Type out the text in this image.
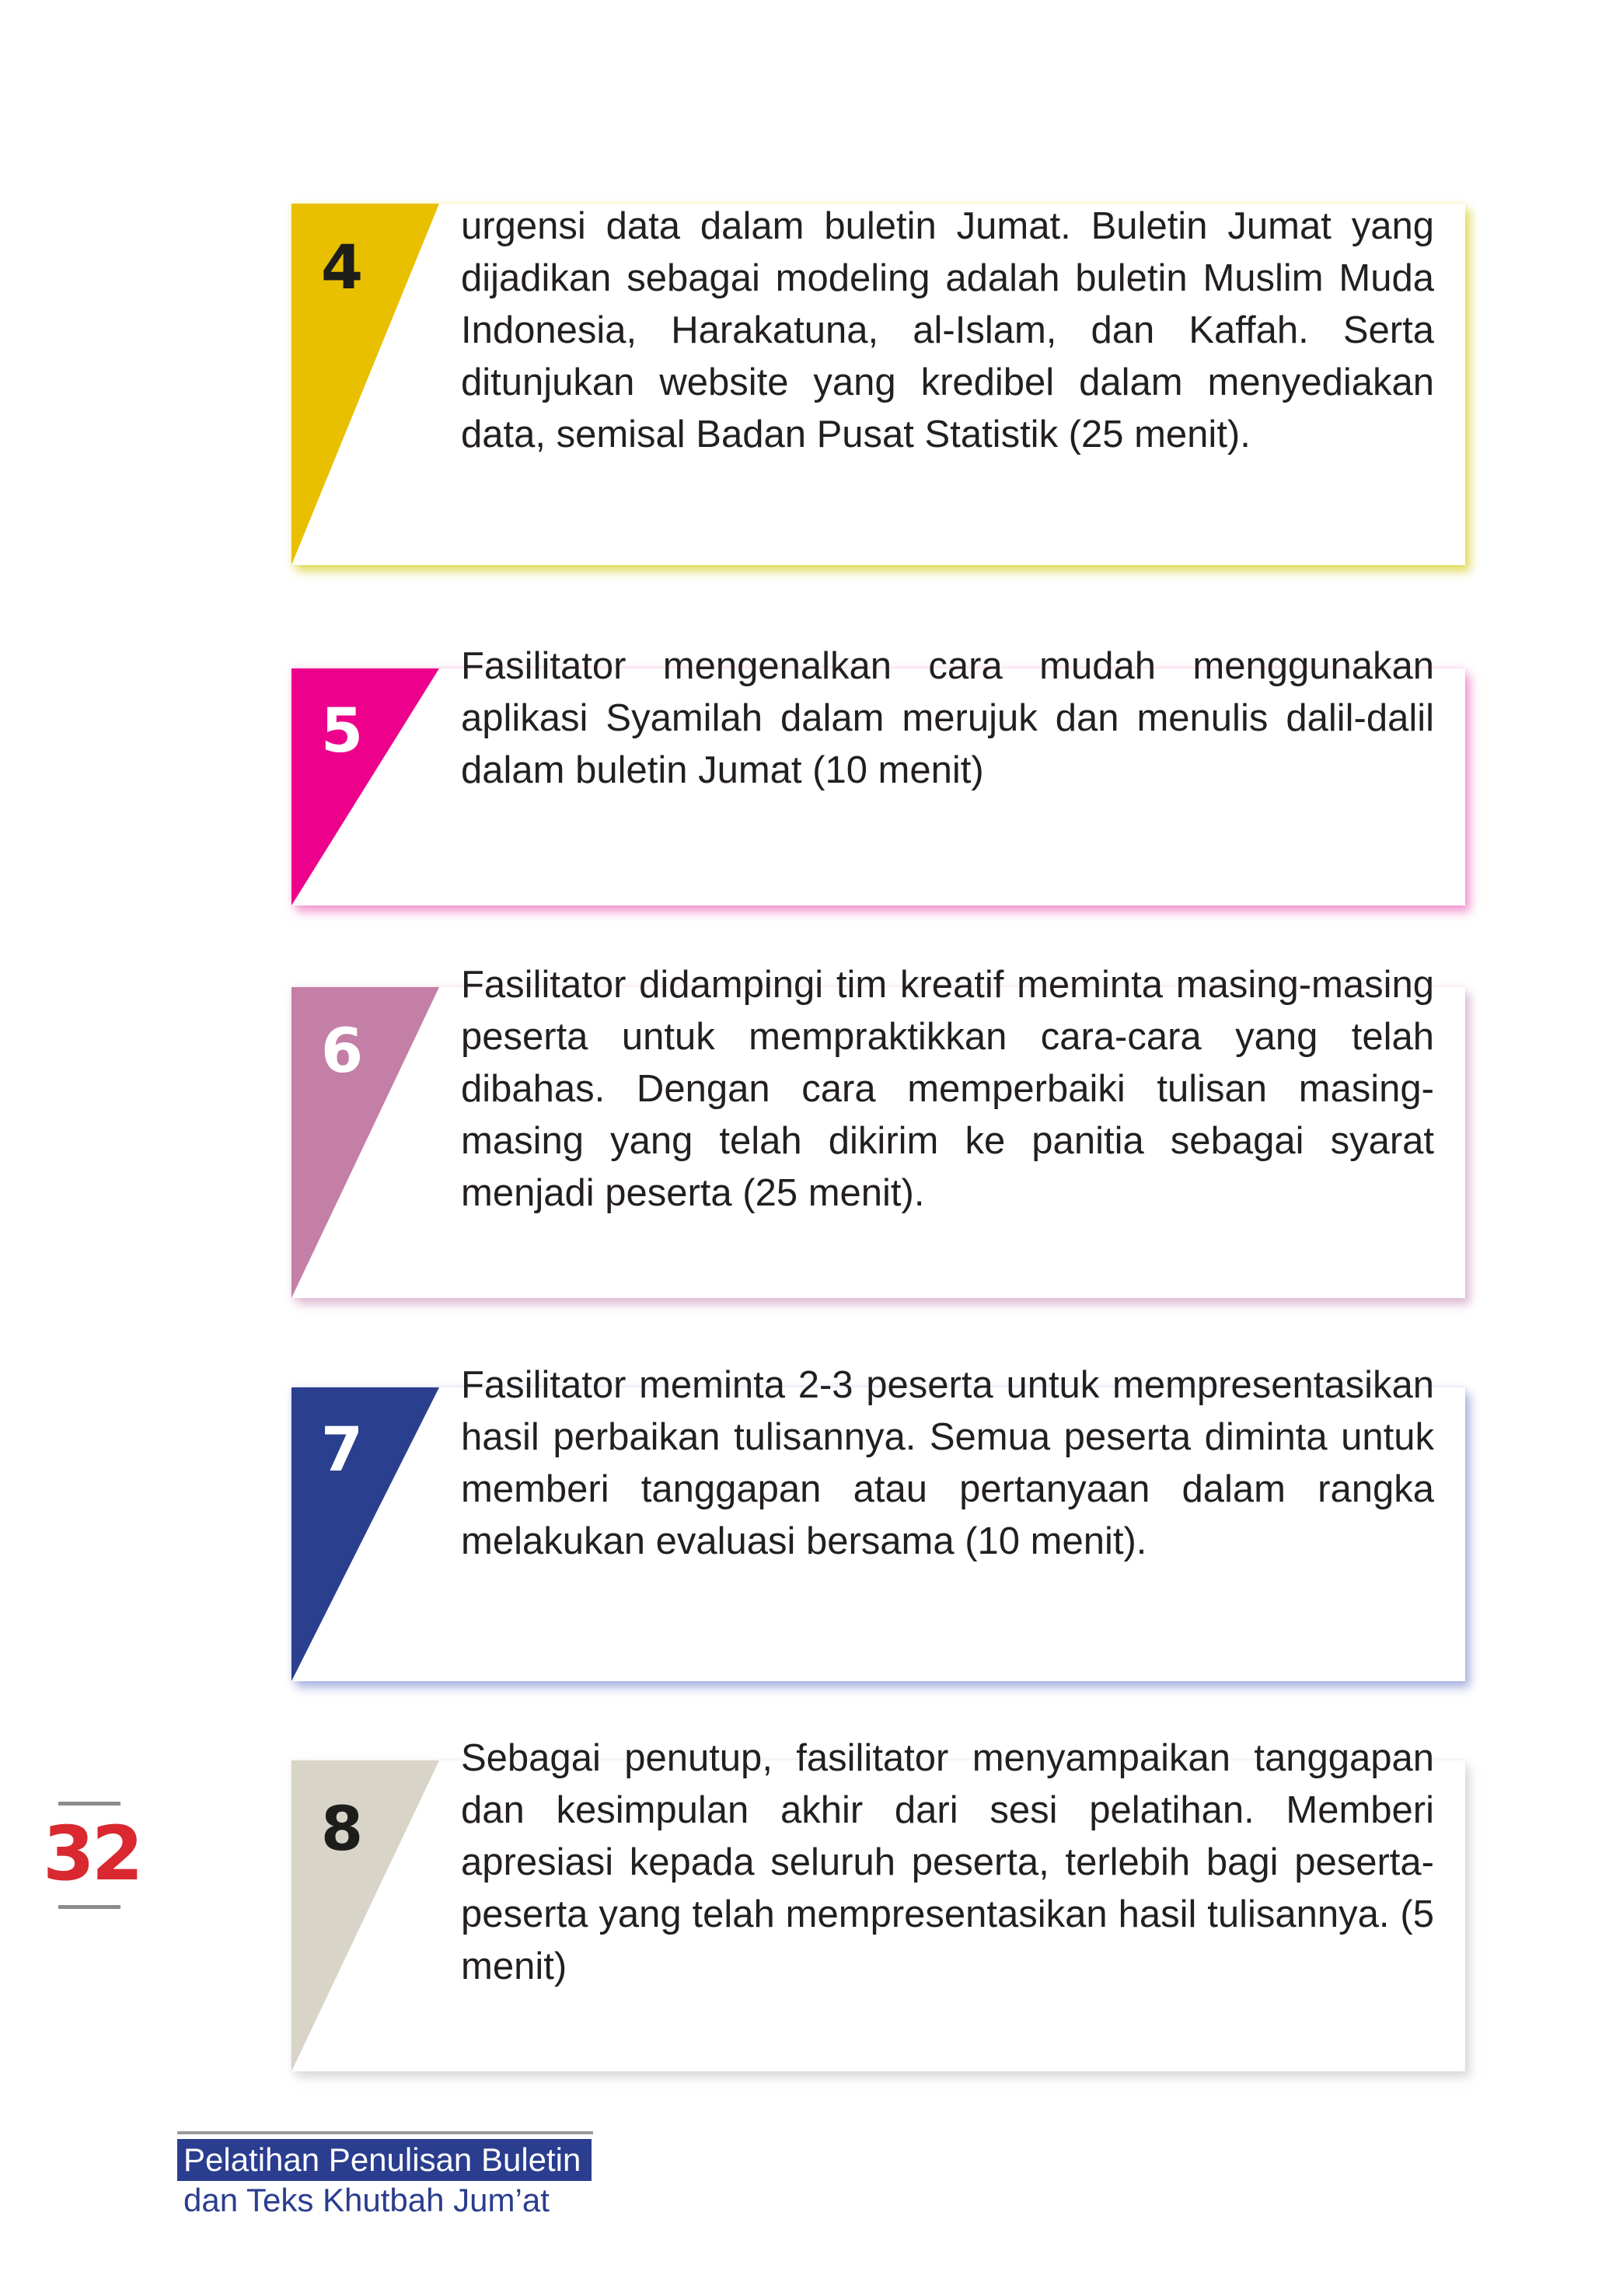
4
urgensi data dalam buletin Jumat. Buletin Jumat yang dijadikan sebagai modeling adalah buletin Muslim Muda Indonesia, Harakatuna, al-Islam, dan Kaffah. Serta ditunjukan website yang kredibel dalam menyediakan data, semisal Badan Pusat Statistik (25 menit).
5
Fasilitator mengenalkan cara mudah menggunakan aplikasi Syamilah dalam merujuk dan menulis dalil-dalil dalam buletin Jumat (10 menit)
6
Fasilitator didampingi tim kreatif meminta masing-masing peserta untuk mempraktikkan cara-cara yang telah dibahas. Dengan cara memperbaiki tulisan masing-masing yang telah dikirim ke panitia sebagai syarat menjadi peserta (25 menit).
7
Fasilitator meminta 2-3 peserta untuk mempresentasikan hasil perbaikan tulisannya. Semua peserta diminta untuk memberi tanggapan atau pertanyaan dalam rangka melakukan evaluasi bersama (10 menit).
8
Sebagai penutup, fasilitator menyampaikan tanggapan dan kesimpulan akhir dari sesi pelatihan. Memberi apresiasi kepada seluruh peserta, terlebih bagi peserta-peserta yang telah mempresentasikan hasil tulisannya. (5 menit)
32
Pelatihan Penulisan Buletin
dan Teks Khutbah Jum’at
